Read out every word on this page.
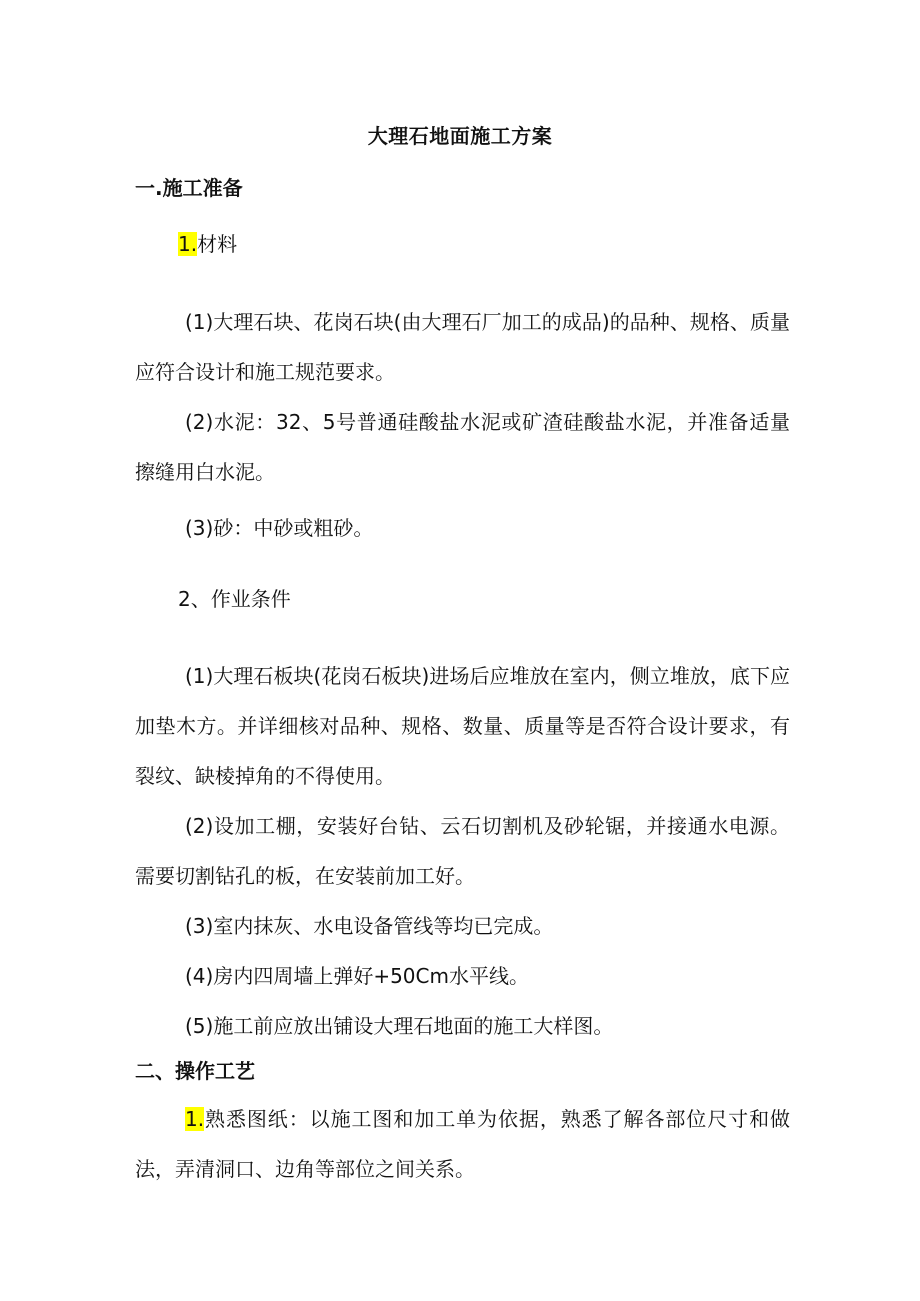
大理石地面施工方案
一.施工准备
1.材料
(1)大理石块、花岗石块(由大理石厂加工的成品)的品种、规格、质量应符合设计和施工规范要求。
(2)水泥：32、5号普通硅酸盐水泥或矿渣硅酸盐水泥，并准备适量擦缝用白水泥。
(3)砂：中砂或粗砂。
2、作业条件
(1)大理石板块(花岗石板块)进场后应堆放在室内，侧立堆放，底下应加垫木方。并详细核对品种、规格、数量、质量等是否符合设计要求，有裂纹、缺棱掉角的不得使用。
(2)设加工棚，安装好台钻、云石切割机及砂轮锯，并接通水电源。需要切割钻孔的板，在安装前加工好。
(3)室内抹灰、水电设备管线等均已完成。
(4)房内四周墙上弹好+50Cm水平线。
(5)施工前应放出铺设大理石地面的施工大样图。
二、操作工艺
1.熟悉图纸：以施工图和加工单为依据，熟悉了解各部位尺寸和做法，弄清洞口、边角等部位之间关系。
